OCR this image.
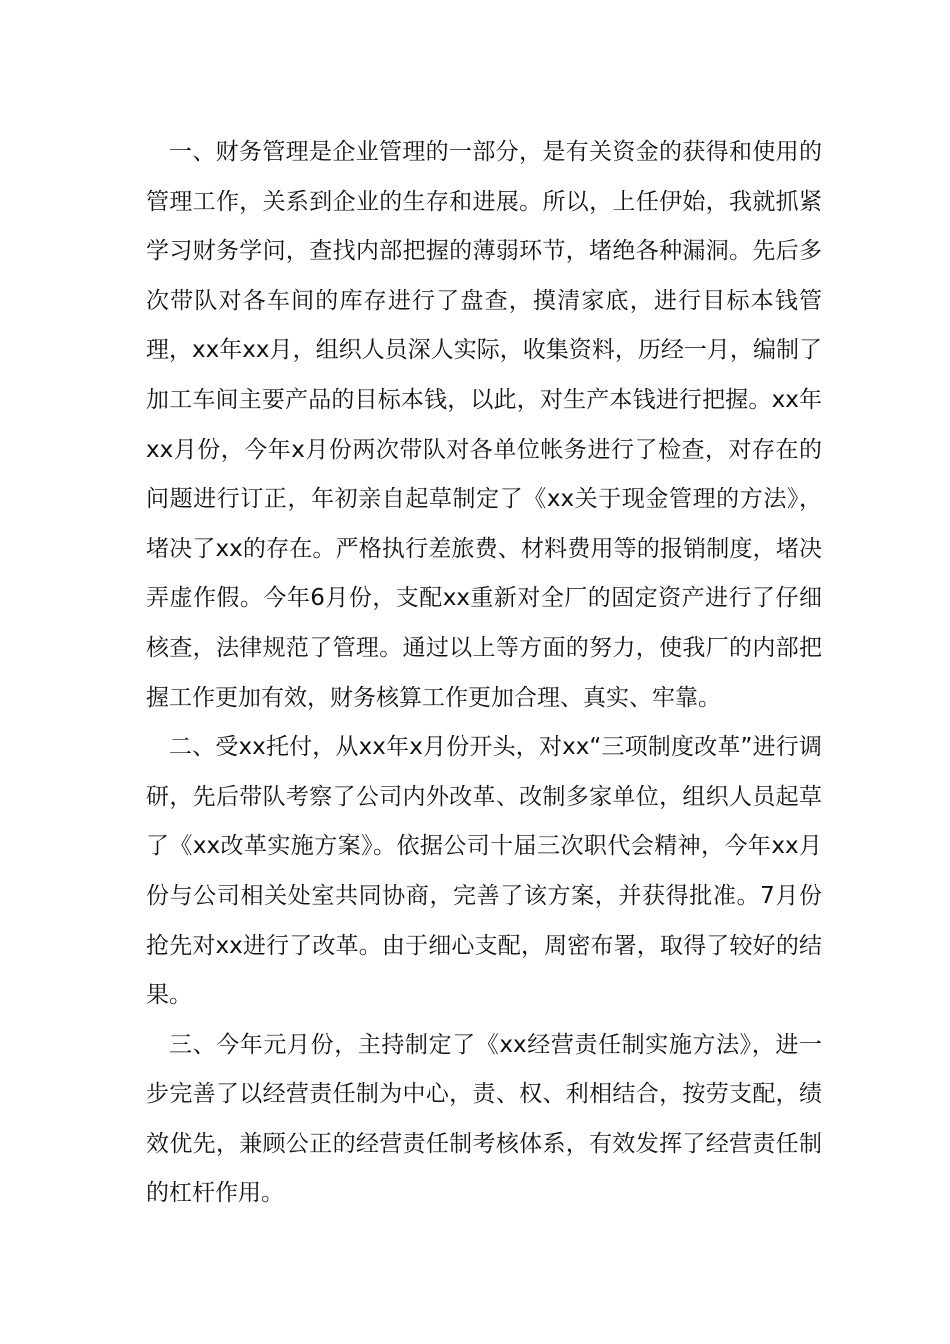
一、财务管理是企业管理的一部分，是有关资金的获得和使用的管理工作，关系到企业的生存和进展。所以，上任伊始，我就抓紧学习财务学问，查找内部把握的薄弱环节，堵绝各种漏洞。先后多次带队对各车间的库存进行了盘查，摸清家底，进行目标本钱管理，xx年xx月，组织人员深人实际，收集资料，历经一月，编制了加工车间主要产品的目标本钱，以此，对生产本钱进行把握。xx年xx月份，今年x月份两次带队对各单位帐务进行了检查，对存在的问题进行订正，年初亲自起草制定了《xx关于现金管理的方法》，堵决了xx的存在。严格执行差旅费、材料费用等的报销制度，堵决弄虚作假。今年6月份，支配xx重新对全厂的固定资产进行了仔细核查，法律规范了管理。通过以上等方面的努力，使我厂的内部把握工作更加有效，财务核算工作更加合理、真实、牢靠。

二、受xx托付，从xx年x月份开头，对xx“三项制度改革”进行调研，先后带队考察了公司内外改革、改制多家单位，组织人员起草了《xx改革实施方案》。依据公司十届三次职代会精神，今年xx月份与公司相关处室共同协商，完善了该方案，并获得批准。7月份抢先对xx进行了改革。由于细心支配，周密布署，取得了较好的结果。

三、今年元月份，主持制定了《xx经营责任制实施方法》，进一步完善了以经营责任制为中心，责、权、利相结合，按劳支配，绩效优先，兼顾公正的经营责任制考核体系，有效发挥了经营责任制的杠杆作用。
